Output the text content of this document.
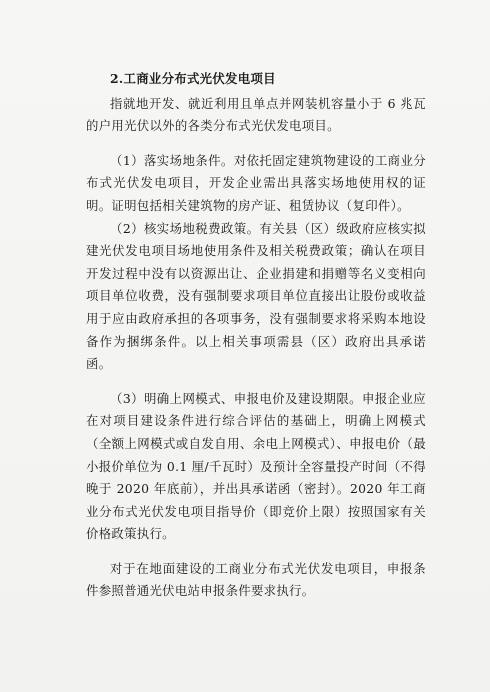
2.工商业分布式光伏发电项目

指就地开发、就近利用且单点并网装机容量小于 6 兆瓦的户用光伏以外的各类分布式光伏发电项目。

（1）落实场地条件。对依托固定建筑物建设的工商业分布式光伏发电项目，开发企业需出具落实场地使用权的证明。证明包括相关建筑物的房产证、租赁协议（复印件）。

（2）核实场地税费政策。有关县（区）级政府应核实拟建光伏发电项目场地使用条件及相关税费政策；确认在项目开发过程中没有以资源出让、企业捐建和捐赠等名义变相向项目单位收费，没有强制要求项目单位直接出让股份或收益用于应由政府承担的各项事务，没有强制要求将采购本地设备作为捆绑条件。以上相关事项需县（区）政府出具承诺函。

（3）明确上网模式、申报电价及建设期限。申报企业应在对项目建设条件进行综合评估的基础上，明确上网模式（全额上网模式或自发自用、余电上网模式）、申报电价（最小报价单位为 0.1 厘/千瓦时）及预计全容量投产时间（不得晚于 2020 年底前），并出具承诺函（密封）。2020 年工商业分布式光伏发电项目指导价（即竞价上限）按照国家有关价格政策执行。

对于在地面建设的工商业分布式光伏发电项目，申报条件参照普通光伏电站申报条件要求执行。
